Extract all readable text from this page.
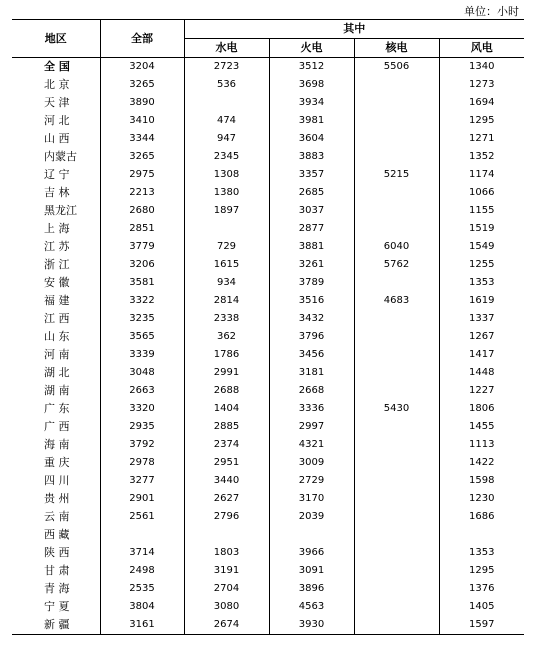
单位：小时
地区	全部	其中			
		水电	火电	核电	风电
全 国	3204	2723	3512	5506	1340
北 京	3265	536	3698		1273
天 津	3890		3934		1694
河 北	3410	474	3981		1295
山 西	3344	947	3604		1271
内蒙古	3265	2345	3883		1352
辽 宁	2975	1308	3357	5215	1174
吉 林	2213	1380	2685		1066
黑龙江	2680	1897	3037		1155
上 海	2851		2877		1519
江 苏	3779	729	3881	6040	1549
浙 江	3206	1615	3261	5762	1255
安 徽	3581	934	3789		1353
福 建	3322	2814	3516	4683	1619
江 西	3235	2338	3432		1337
山 东	3565	362	3796		1267
河 南	3339	1786	3456		1417
湖 北	3048	2991	3181		1448
湖 南	2663	2688	2668		1227
广 东	3320	1404	3336	5430	1806
广 西	2935	2885	2997		1455
海 南	3792	2374	4321		1113
重 庆	2978	2951	3009		1422
四 川	3277	3440	2729		1598
贵 州	2901	2627	3170		1230
云 南	2561	2796	2039		1686
西 藏					
陕 西	3714	1803	3966		1353
甘 肃	2498	3191	3091		1295
青 海	2535	2704	3896		1376
宁 夏	3804	3080	4563		1405
新 疆	3161	2674	3930		1597
